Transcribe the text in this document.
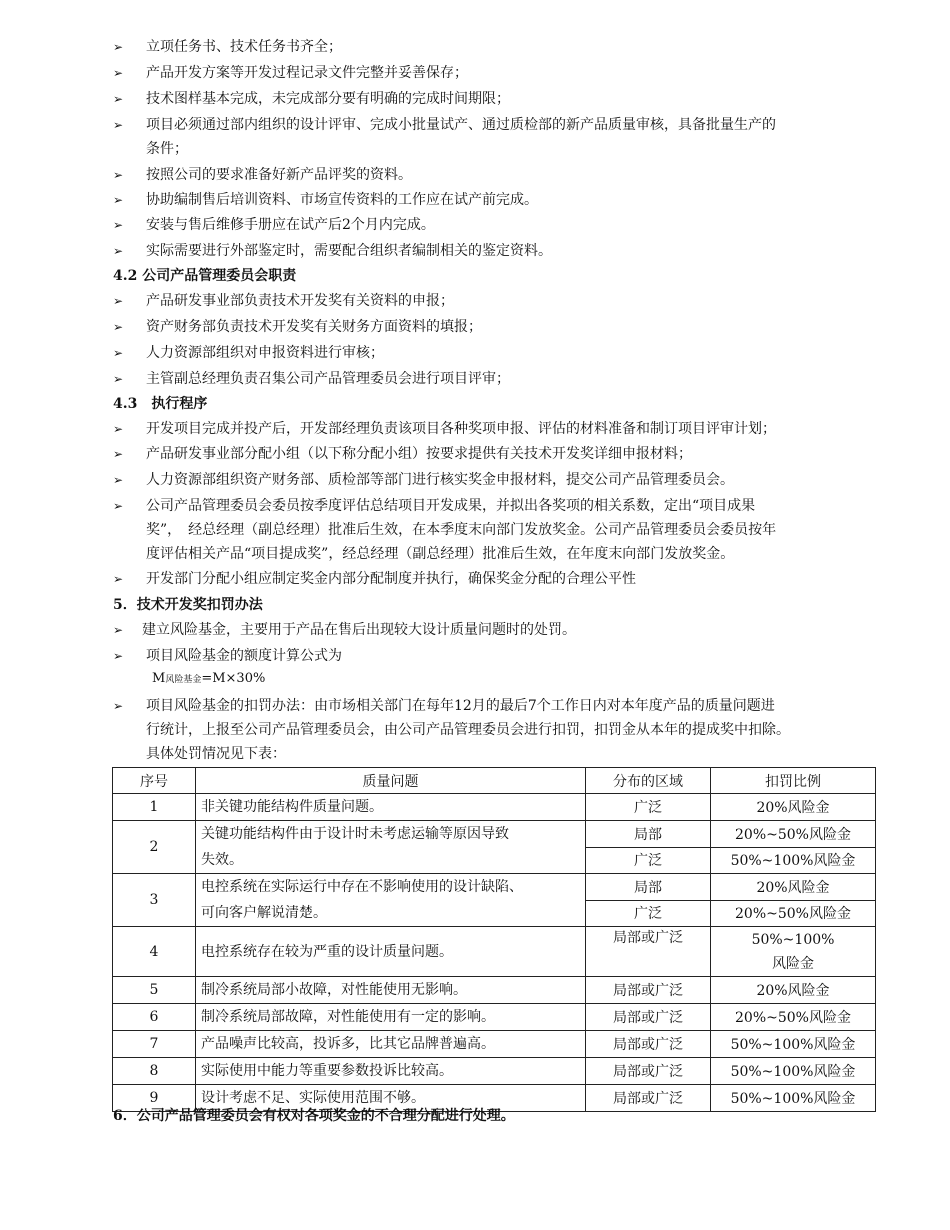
➢ 立项任务书、技术任务书齐全；
➢ 产品开发方案等开发过程记录文件完整并妥善保存；
➢ 技术图样基本完成，未完成部分要有明确的完成时间期限；
➢ 项目必须通过部内组织的设计评审、完成小批量试产、通过质检部的新产品质量审核，具备批量生产的
条件；
➢ 按照公司的要求准备好新产品评奖的资料。
➢ 协助编制售后培训资料、市场宣传资料的工作应在试产前完成。
➢ 安装与售后维修手册应在试产后2个月内完成。
➢ 实际需要进行外部鉴定时，需要配合组织者编制相关的鉴定资料。
4.2 公司产品管理委员会职责
➢ 产品研发事业部负责技术开发奖有关资料的申报；
➢ 资产财务部负责技术开发奖有关财务方面资料的填报；
➢ 人力资源部组织对申报资料进行审核；
➢ 主管副总经理负责召集公司产品管理委员会进行项目评审；
4.3　执行程序
➢ 开发项目完成并投产后，开发部经理负责该项目各种奖项申报、评估的材料准备和制订项目评审计划；
➢ 产品研发事业部分配小组（以下称分配小组）按要求提供有关技术开发奖详细申报材料；
➢ 人力资源部组织资产财务部、质检部等部门进行核实奖金申报材料，提交公司产品管理委员会。
➢ 公司产品管理委员会委员按季度评估总结项目开发成果，并拟出各奖项的相关系数，定出“项目成果
奖”，　经总经理（副总经理）批准后生效，在本季度末向部门发放奖金。公司产品管理委员会委员按年
度评估相关产品“项目提成奖”，经总经理（副总经理）批准后生效，在年度末向部门发放奖金。
➢ 开发部门分配小组应制定奖金内部分配制度并执行，确保奖金分配的合理公平性
5．技术开发奖扣罚办法
➢ 建立风险基金，主要用于产品在售后出现较大设计质量问题时的处罚。
➢ 项目风险基金的额度计算公式为
M风险基金=M×30%
➢ 项目风险基金的扣罚办法：由市场相关部门在每年12月的最后7个工作日内对本年度产品的质量问题进
行统计，上报至公司产品管理委员会，由公司产品管理委员会进行扣罚，扣罚金从本年的提成奖中扣除。
具体处罚情况见下表：
序号	质量问题	分布的区域	扣罚比例
1	非关键功能结构件质量问题。	广泛	20%风险金
2	关键功能结构件由于设计时未考虑运输等原因导致
失效。	局部	20%~50%风险金
		广泛	50%~100%风险金
3	电控系统在实际运行中存在不影响使用的设计缺陷、
可向客户解说清楚。	局部	20%风险金
		广泛	20%~50%风险金
4	电控系统存在较为严重的设计质量问题。	局部或广泛	50%~100%
风险金

5	制冷系统局部小故障，对性能使用无影响。	局部或广泛	20%风险金
6	制冷系统局部故障，对性能使用有一定的影响。	局部或广泛	20%~50%风险金
7	产品噪声比较高，投诉多，比其它品牌普遍高。	局部或广泛	50%~100%风险金
8	实际使用中能力等重要参数投诉比较高。	局部或广泛	50%~100%风险金
9	设计考虑不足、实际使用范围不够。	局部或广泛	50%~100%风险金
6．公司产品管理委员会有权对各项奖金的不合理分配进行处理。
